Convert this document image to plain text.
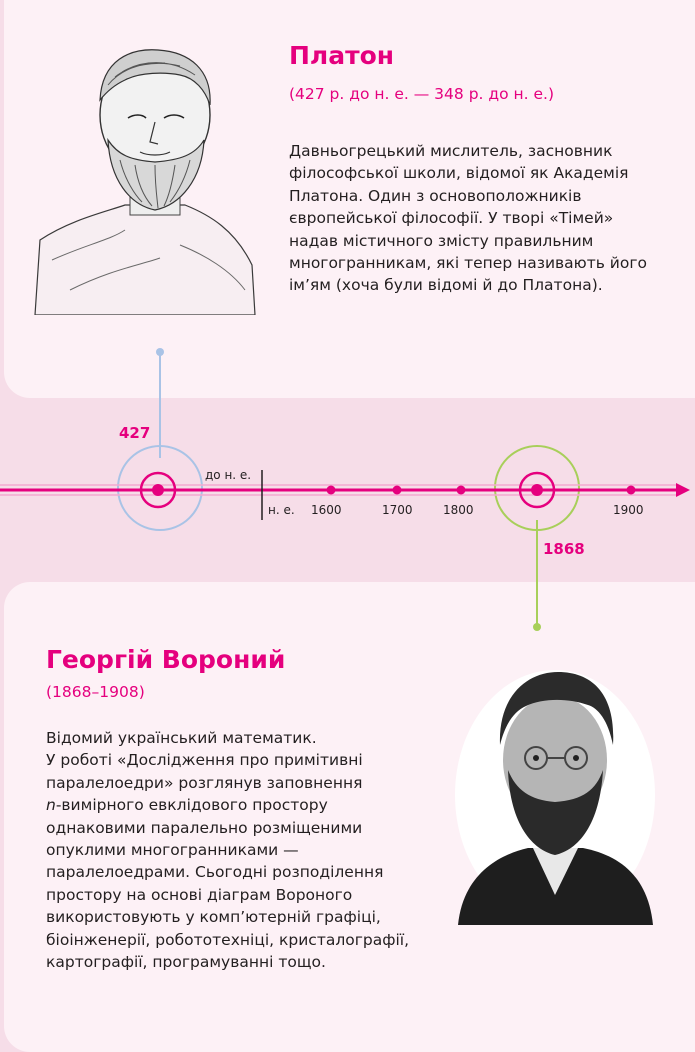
Платон
(427 р. до н. е. — 348 р. до н. е.)
Давньогрецький мислитель, засновник
філософської школи, відомої як Академія
Платона. Один з основоположників
європейської філософії. У творі «Тімей»
надав містичного змісту правильним
многогранникам, які тепер називають його
ім’ям (хоча були відомі й до Платона).
Георгій Вороний
(1868–1908)
Відомий український математик.
У роботі «Дослідження про примітивні
паралелоедри» розглянув заповнення
n-вимірного евклідового простору
однаковими паралельно розміщеними
опуклими многогранниками —
паралелоедрами. Сьогодні розподілення
простору на основі діаграм Вороного
використовують у комп’ютерній графіці,
біоінженерії, робототехніці, кристалографії,
картографії, програмуванні тощо.
427
1868
до н. е.
н. е. 1600	1700	1800	1900
